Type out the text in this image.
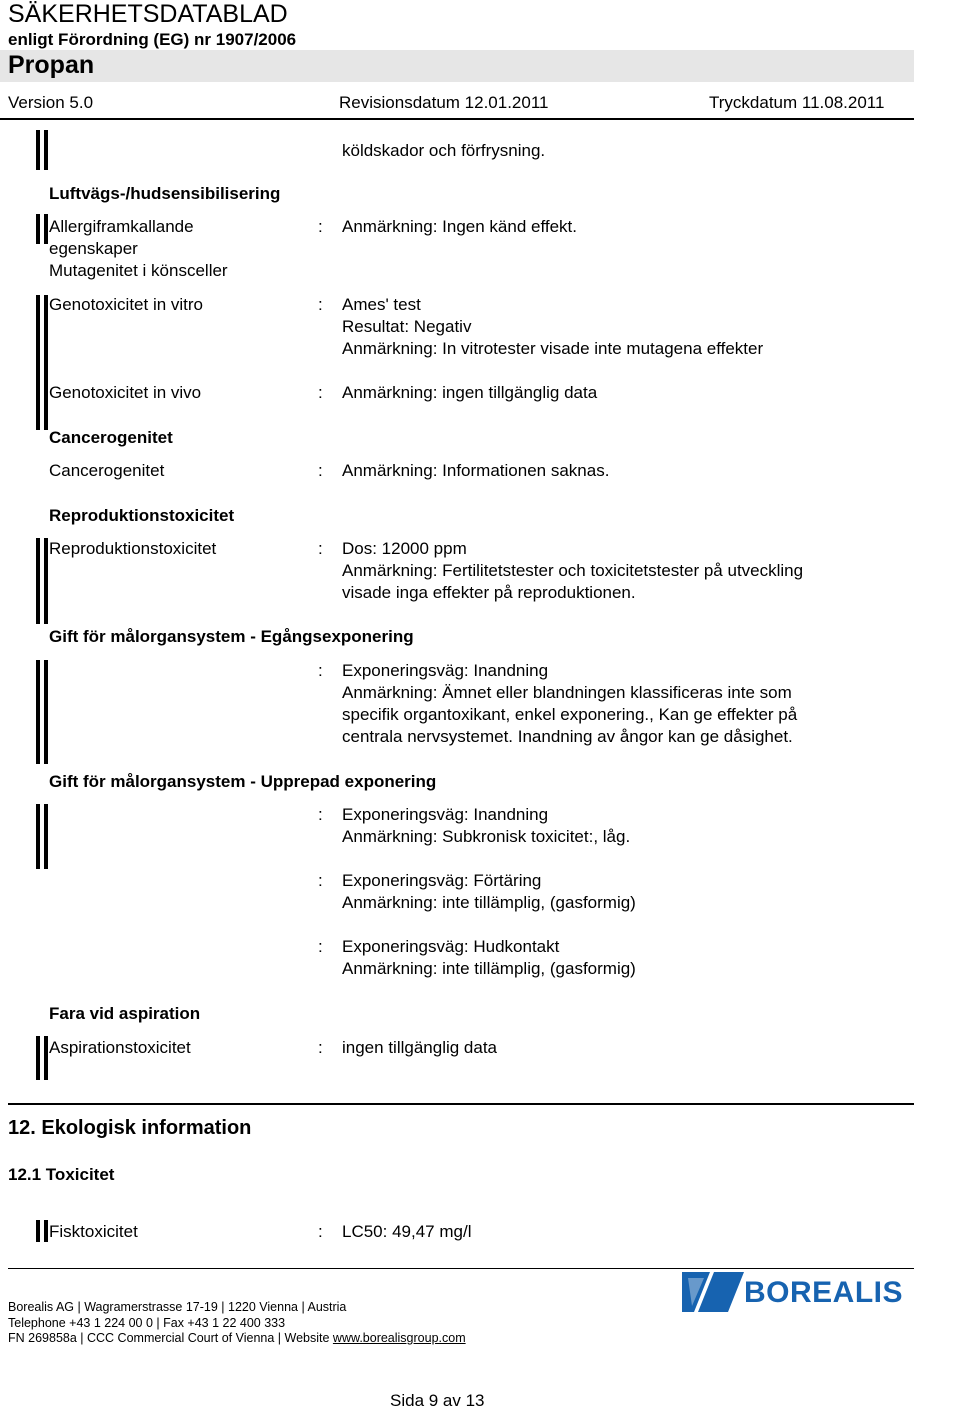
SÄKERHETSDATABLAD
enligt Förordning (EG) nr 1907/2006
Propan
Version 5.0	Revisionsdatum 12.01.2011	Tryckdatum 11.08.2011
köldskador och förfrysning.
Luftvägs-/hudsensibilisering
Allergiframkallande
egenskaper
: Anmärkning: Ingen känd effekt.
Mutagenitet i könsceller
Genotoxicitet in vitro	: Ames' test
Resultat: Negativ
Anmärkning: In vitrotester visade inte mutagena effekter
Genotoxicitet in vivo	: Anmärkning: ingen tillgänglig data
Cancerogenitet
Cancerogenitet	: Anmärkning: Informationen saknas.
Reproduktionstoxicitet
Reproduktionstoxicitet	: Dos: 12000 ppm
Anmärkning: Fertilitetstester och toxicitetstester på utveckling
visade inga effekter på reproduktionen.
Gift för målorgansystem - Egångsexponering
: Exponeringsväg: Inandning
Anmärkning: Ämnet eller blandningen klassificeras inte som
specifik organtoxikant, enkel exponering., Kan ge effekter på
centrala nervsystemet. Inandning av ångor kan ge dåsighet.
Gift för målorgansystem - Upprepad exponering
: Exponeringsväg: Inandning
Anmärkning: Subkronisk toxicitet:, låg.
: Exponeringsväg: Förtäring
Anmärkning: inte tillämplig, (gasformig)
: Exponeringsväg: Hudkontakt
Anmärkning: inte tillämplig, (gasformig)
Fara vid aspiration
Aspirationstoxicitet	: ingen tillgänglig data
12. Ekologisk information
12.1 Toxicitet
Fisktoxicitet	: LC50: 49,47 mg/l
Borealis AG | Wagramerstrasse 17-19 | 1220 Vienna | Austria
Telephone +43 1 224 00 0 | Fax +43 1 22 400 333
FN 269858a | CCC Commercial Court of Vienna | Website www.borealisgroup.com
BOREALIS
Sida 9 av 13
